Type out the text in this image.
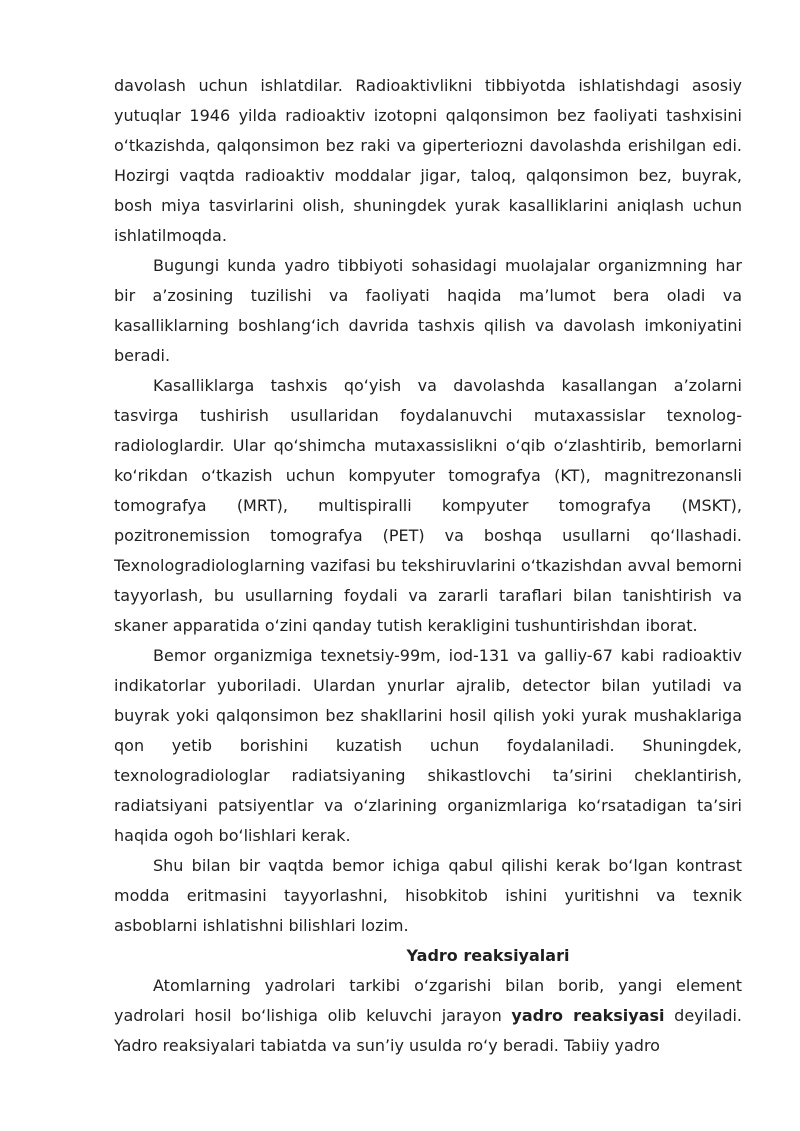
davolash uchun ishlatdilar. Radioaktivlikni tibbiyotda ishlatishdagi asosiy yutuqlar 1946 yilda radioaktiv izotopni qalqonsimon bez faoliyati tashxisini o‘tkazishda, qalqonsimon bez raki va giperteriozni davolashda erishilgan edi. Hozirgi vaqtda radioaktiv moddalar jigar, taloq, qalqonsimon bez, buyrak, bosh miya tasvirlarini olish, shuningdek yurak kasalliklarini aniqlash uchun ishlatilmoqda.

Bugungi kunda yadro tibbiyoti sohasidagi muolajalar organizmning har bir a’zosining tuzilishi va faoliyati haqida ma’lumot bera oladi va kasalliklarning boshlang‘ich davrida tashxis qilish va davolash imkoniyatini beradi.

Kasalliklarga tashxis qo‘yish va davolashda kasallangan a’zolarni tasvirga tushirish usullaridan foydalanuvchi mutaxassislar texnolog-radiologlardir. Ular qo‘shimcha mutaxassislikni o‘qib o‘zlashtirib, bemorlarni ko‘rikdan o‘tkazish uchun kompyuter tomografya (KT), magnitrezonansli tomografya (MRT), multispiralli kompyuter tomografya (MSKT), pozitronemission tomografya (PET) va boshqa usullarni qo‘llashadi. Texnologradiologlarning vazifasi bu tekshiruvlarini o‘tkazishdan avval bemorni tayyorlash, bu usullarning foydali va zararli taraflari bilan tanishtirish va skaner apparatida o‘zini qanday tutish kerakligini tushuntirishdan iborat.

Bemor organizmiga texnetsiy-99m, iod-131 va galliy-67 kabi radioaktiv indikatorlar yuboriladi. Ulardan ynurlar ajralib, detector bilan yutiladi va buyrak yoki qalqonsimon bez shakllarini hosil qilish yoki yurak mushaklariga qon yetib borishini kuzatish uchun foydalaniladi. Shuningdek, texnologradiologlar radiatsiyaning shikastlovchi ta’sirini cheklantirish, radiatsiyani patsiyentlar va o‘zlarining organizmlariga ko‘rsatadigan ta’siri haqida ogoh bo‘lishlari kerak.

Shu bilan bir vaqtda bemor ichiga qabul qilishi kerak bo‘lgan kontrast modda eritmasini tayyorlashni, hisobkitob ishini yuritishni va texnik asboblarni ishlatishni bilishlari lozim.

Yadro reaksiyalari

Atomlarning yadrolari tarkibi o‘zgarishi bilan borib, yangi element yadrolari hosil bo‘lishiga olib keluvchi jarayon yadro reaksiyasi deyiladi. Yadro reaksiyalari tabiatda va sun’iy usulda ro‘y beradi. Tabiiy yadro
